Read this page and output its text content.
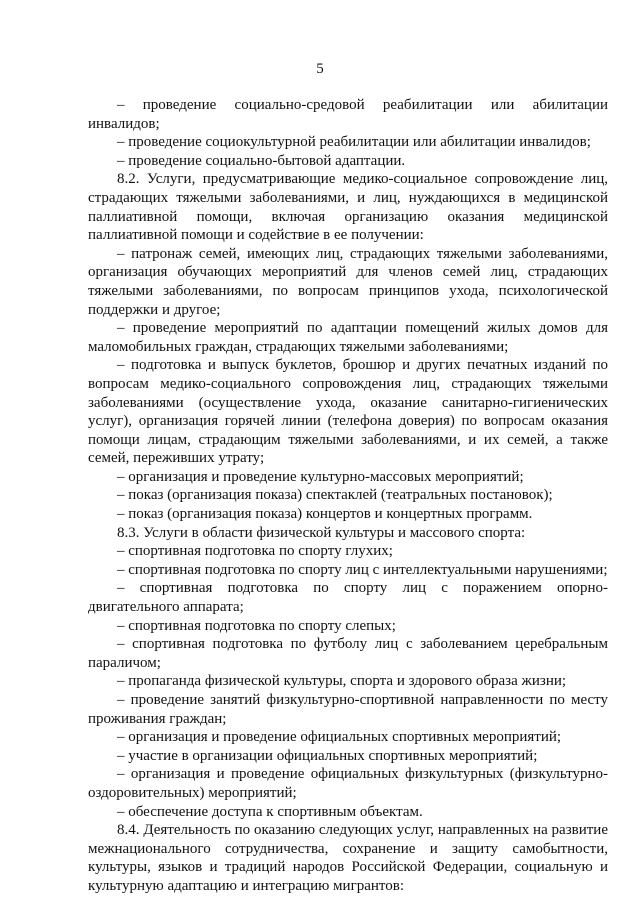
5

– проведение социально-средовой реабилитации или абилитации инвалидов;

– проведение социокультурной реабилитации или абилитации инвалидов;

– проведение социально-бытовой адаптации.

8.2. Услуги, предусматривающие медико-социальное сопровождение лиц, страдающих тяжелыми заболеваниями, и лиц, нуждающихся в медицинской паллиативной помощи, включая организацию оказания медицинской паллиативной помощи и содействие в ее получении:

– патронаж семей, имеющих лиц, страдающих тяжелыми заболеваниями, организация обучающих мероприятий для членов семей лиц, страдающих тяжелыми заболеваниями, по вопросам принципов ухода, психологической поддержки и другое;

– проведение мероприятий по адаптации помещений жилых домов для маломобильных граждан, страдающих тяжелыми заболеваниями;

– подготовка и выпуск буклетов, брошюр и других печатных изданий по вопросам медико-социального сопровождения лиц, страдающих тяжелыми заболеваниями (осуществление ухода, оказание санитарно-гигиенических услуг), организация горячей линии (телефона доверия) по вопросам оказания помощи лицам, страдающим тяжелыми заболеваниями, и их семей, а также семей, переживших утрату;

– организация и проведение культурно-массовых мероприятий;

– показ (организация показа) спектаклей (театральных постановок);

– показ (организация показа) концертов и концертных программ.

8.3. Услуги в области физической культуры и массового спорта:

– спортивная подготовка по спорту глухих;

– спортивная подготовка по спорту лиц с интеллектуальными нарушениями;

– спортивная подготовка по спорту лиц с поражением опорно-двигательного аппарата;

– спортивная подготовка по спорту слепых;

– спортивная подготовка по футболу лиц с заболеванием церебральным параличом;

– пропаганда физической культуры, спорта и здорового образа жизни;

– проведение занятий физкультурно-спортивной направленности по месту проживания граждан;

– организация и проведение официальных спортивных мероприятий;

– участие в организации официальных спортивных мероприятий;

– организация и проведение официальных физкультурных (физкультурно-оздоровительных) мероприятий;

– обеспечение доступа к спортивным объектам.

8.4. Деятельность по оказанию следующих услуг, направленных на развитие межнационального сотрудничества, сохранение и защиту самобытности, культуры, языков и традиций народов Российской Федерации, социальную и культурную адаптацию и интеграцию мигрантов:
